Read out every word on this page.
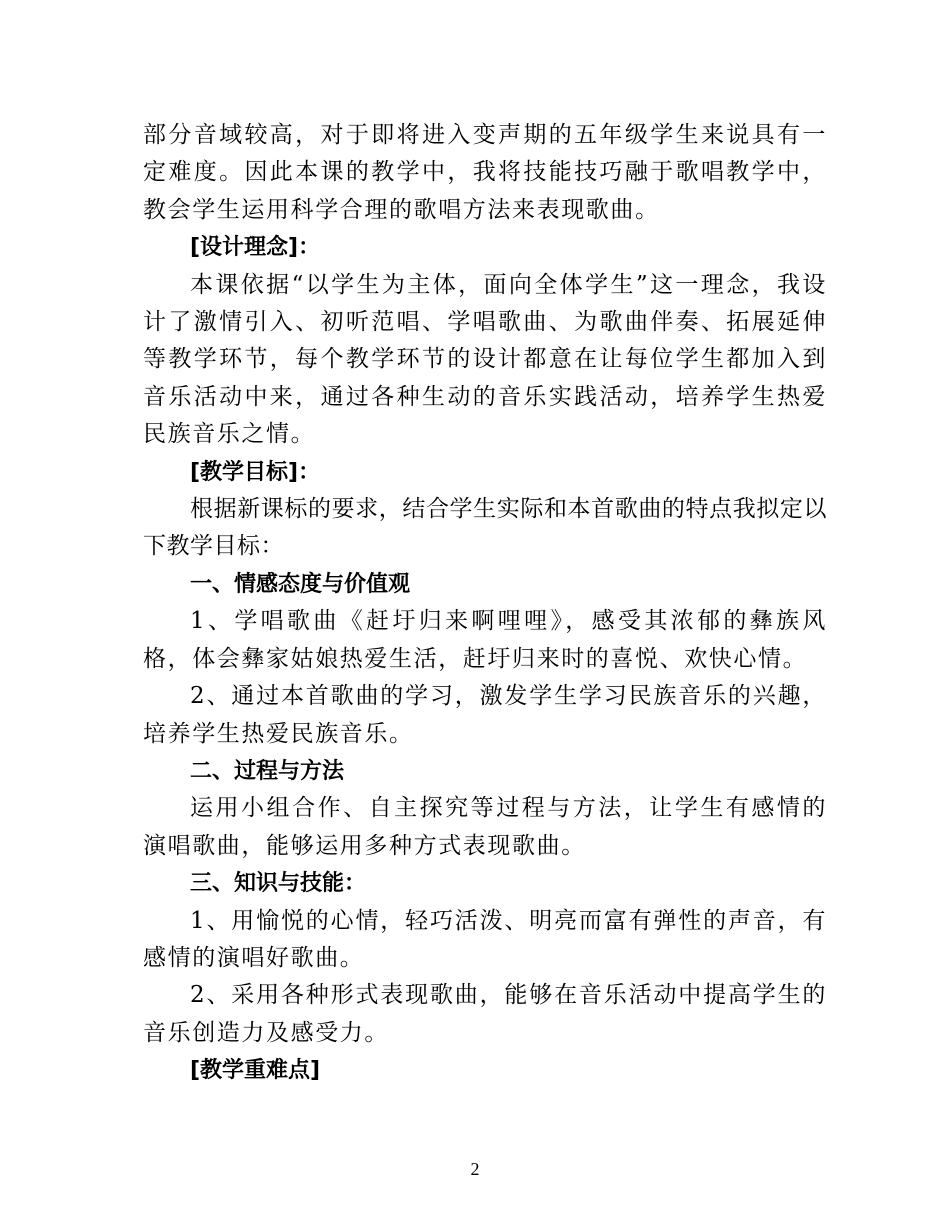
部分音域较高，对于即将进入变声期的五年级学生来说具有一定难度。因此本课的教学中，我将技能技巧融于歌唱教学中，教会学生运用科学合理的歌唱方法来表现歌曲。

[设计理念]：

本课依据“以学生为主体，面向全体学生”这一理念，我设计了激情引入、初听范唱、学唱歌曲、为歌曲伴奏、拓展延伸等教学环节，每个教学环节的设计都意在让每位学生都加入到音乐活动中来，通过各种生动的音乐实践活动，培养学生热爱民族音乐之情。

[教学目标]：

根据新课标的要求，结合学生实际和本首歌曲的特点我拟定以下教学目标：

一、情感态度与价值观

1、学唱歌曲《赶圩归来啊哩哩》，感受其浓郁的彝族风格，体会彝家姑娘热爱生活，赶圩归来时的喜悦、欢快心情。

2、通过本首歌曲的学习，激发学生学习民族音乐的兴趣，培养学生热爱民族音乐。

二、过程与方法

运用小组合作、自主探究等过程与方法，让学生有感情的演唱歌曲，能够运用多种方式表现歌曲。

三、知识与技能：

1、用愉悦的心情，轻巧活泼、明亮而富有弹性的声音，有感情的演唱好歌曲。

2、采用各种形式表现歌曲，能够在音乐活动中提高学生的音乐创造力及感受力。

[教学重难点]

2
